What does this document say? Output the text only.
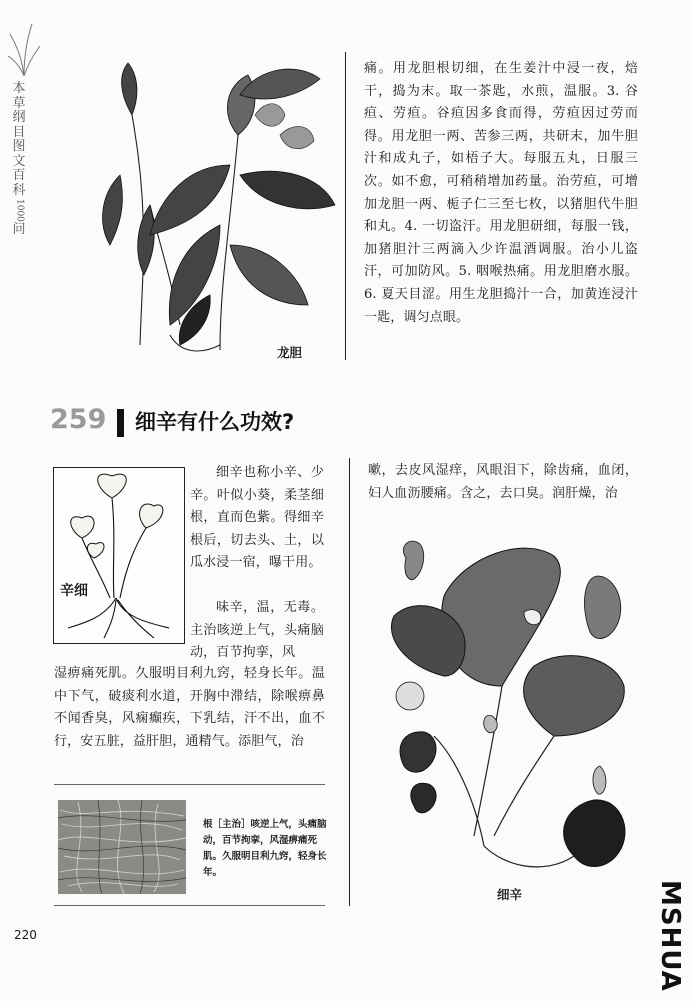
本
草
纲
目
图
文
百
科
1000
问
龙胆

痛。用龙胆根切细，在生姜汁中浸一夜，焙干，捣为末。取一茶匙，水煎，温服。3. 谷疸、劳疸。谷疸因多食而得，劳疸因过劳而得。用龙胆一两、苦参三两，共研末，加牛胆汁和成丸子，如梧子大。每服五丸，日服三次。如不愈，可稍稍增加药量。治劳疸，可增加龙胆一两、栀子仁三至七枚，以猪胆代牛胆和丸。4. 一切盗汗。用龙胆研细，每服一钱，加猪胆汁三两滴入少许温酒调服。治小儿盗汗，可加防风。5. 咽喉热痛。用龙胆磨水服。6. 夏天目涩。用生龙胆捣汁一合，加黄连浸汁一匙，调匀点眼。

259 细辛有什么功效?
辛细

细辛也称小辛、少辛。叶似小葵，柔茎细根，直而色紫。得细辛根后，切去头、土，以瓜水浸一宿，曝干用。

味辛，温，无毒。主治咳逆上气，头痛脑动，百节拘挛，风

湿痹痛死肌。久服明目利九窍，轻身长年。温中下气，破痰利水道，开胸中滞结，除喉痹鼻不闻香臭，风痫癫疾，下乳结，汗不出，血不行，安五脏，益肝胆，通精气。添胆气，治

根［主治］咳逆上气，头痛脑动，百节拘挛，风湿痹痛死肌。久服明目利九窍，轻身长年。

嗽，去皮风湿痒，风眼泪下，除齿痛，血闭，妇人血沥腰痛。含之，去口臭。润肝燥，治

细辛
220	MSHUA
